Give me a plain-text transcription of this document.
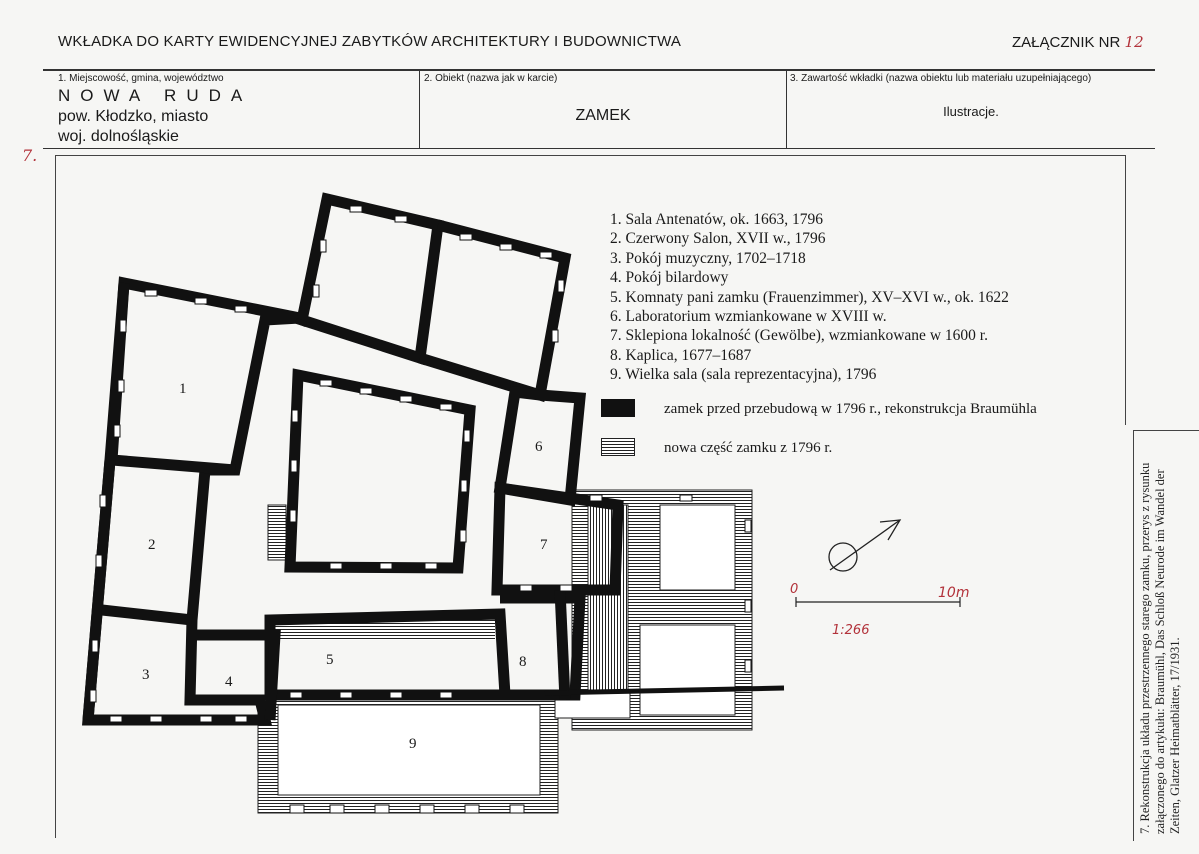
WKŁADKA DO KARTY EWIDENCYJNEJ ZABYTKÓW ARCHITEKTURY I BUDOWNICTWA	ZAŁĄCZNIK NR 12
1. Miejscowość, gmina, województwo
NOWA RUDA
pow. Kłodzko, miasto
woj. dolnośląskie
2. Obiekt (nazwa jak w karcie)
ZAMEK
3. Zawartość wkładki (nazwa obiektu lub materiału uzupełniającego)
Ilustracje.
7.
7. Rekonstrukcja układu przestrzennego starego zamku, przerys z rysunku załączonego do artykułu: Braumühl, Das Schloß Neurode im Wandel der Zeiten, Glatzer Heimatblätter, 17/1931.
1
2
3	4
5
6
7
8
9
1. Sala Antenatów, ok. 1663, 1796
2. Czerwony Salon, XVII w., 1796
3. Pokój muzyczny, 1702–1718
4. Pokój bilardowy
5. Komnaty pani zamku (Frauenzimmer), XV–XVI w., ok. 1622
6. Laboratorium wzmiankowane w XVIII w.
7. Sklepiona lokalność (Gewölbe), wzmiankowane w 1600 r.
8. Kaplica, 1677–1687
9. Wielka sala (sala reprezentacyjna), 1796
zamek przed przebudową w 1796 r., rekonstrukcja Braumühla
nowa część zamku z 1796 r.
0	10m
1:266
